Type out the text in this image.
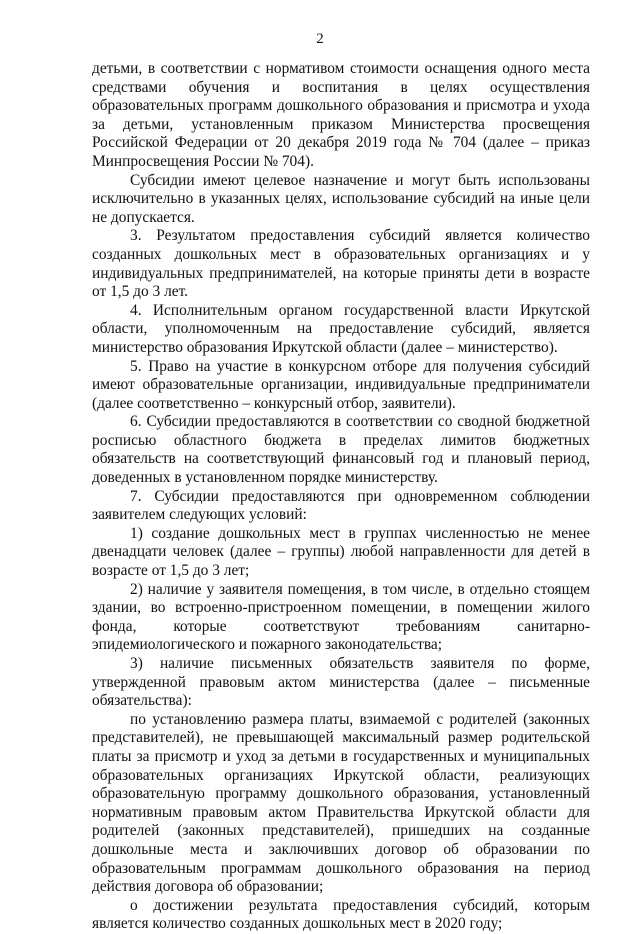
2

детьми, в соответствии с нормативом стоимости оснащения одного места средствами обучения и воспитания в целях осуществления образовательных программ дошкольного образования и присмотра и ухода за детьми, установленным приказом Министерства просвещения Российской Федерации от 20 декабря 2019 года № 704 (далее – приказ Минпросвещения России № 704).

Субсидии имеют целевое назначение и могут быть использованы исключительно в указанных целях, использование субсидий на иные цели не допускается.

3. Результатом предоставления субсидий является количество созданных дошкольных мест в образовательных организациях и у индивидуальных предпринимателей, на которые приняты дети в возрасте от 1,5 до 3 лет.

4. Исполнительным органом государственной власти Иркутской области, уполномоченным на предоставление субсидий, является министерство образования Иркутской области (далее – министерство).

5. Право на участие в конкурсном отборе для получения субсидий имеют образовательные организации, индивидуальные предприниматели (далее соответственно – конкурсный отбор, заявители).

6. Субсидии предоставляются в соответствии со сводной бюджетной росписью областного бюджета в пределах лимитов бюджетных обязательств на соответствующий финансовый год и плановый период, доведенных в установленном порядке министерству.

7. Субсидии предоставляются при одновременном соблюдении заявителем следующих условий:

1) создание дошкольных мест в группах численностью не менее двенадцати человек (далее – группы) любой направленности для детей в возрасте от 1,5 до 3 лет;

2) наличие у заявителя помещения, в том числе, в отдельно стоящем здании, во встроенно-пристроенном помещении, в помещении жилого фонда, которые соответствуют требованиям санитарно-эпидемиологического и пожарного законодательства;

3) наличие письменных обязательств заявителя по форме, утвержденной правовым актом министерства (далее – письменные обязательства):

по установлению размера платы, взимаемой с родителей (законных представителей), не превышающей максимальный размер родительской платы за присмотр и уход за детьми в государственных и муниципальных образовательных организациях Иркутской области, реализующих образовательную программу дошкольного образования, установленный нормативным правовым актом Правительства Иркутской области для родителей (законных представителей), пришедших на созданные дошкольные места и заключивших договор об образовании по образовательным программам дошкольного образования на период действия договора об образовании;

о достижении результата предоставления субсидий, которым является количество созданных дошкольных мест в 2020 году;
